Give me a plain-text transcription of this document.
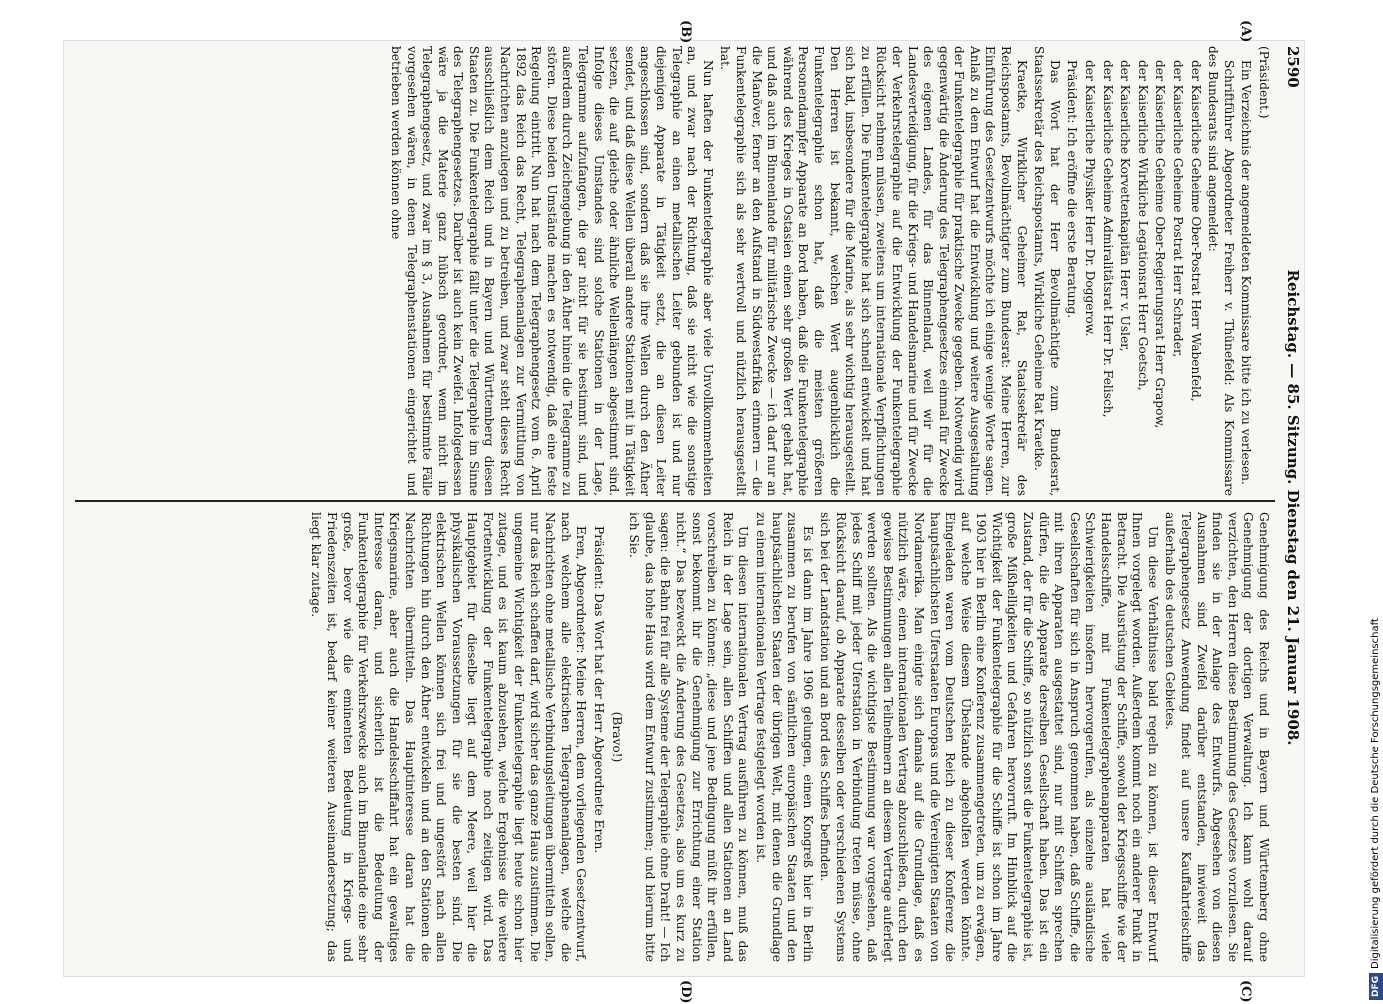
2590
Reichstag. — 85. Sitzung. Dienstag den 21. Januar 1908.
(A)
(B)
(C)
(D)

(Präsident.)

Ein Verzeichnis der angemeldeten Kommissare bitte ich zu verlesen.

Schriftführer Abgeordneter Freiherr v. Thünefeld: Als Kommissare des Bundesrats sind angemeldet:

der Kaiserliche Geheime Ober-Postrat Herr Wabenfeld,

der Kaiserliche Geheime Postrat Herr Schrader,

der Kaiserliche Geheime Ober-Regierungsrat Herr Grapow,

der Kaiserliche Wirkliche Legationsrat Herr Goetsch,

der Kaiserliche Korvettenkapitän Herr v. Usler,

der Kaiserliche Geheime Admiralitätsrat Herr Dr. Felisch,

der Kaiserliche Physiker Herr Dr. Doggerow.

Präsident: Ich eröffne die erste Beratung.

Das Wort hat der Herr Bevollmächtigte zum Bundesrat, Staatssekretär des Reichspostamts, Wirkliche Geheime Rat Kraetke.

Kraetke, Wirklicher Geheimer Rat, Staatssekretär des Reichspostamts, Bevollmächtigter zum Bundesrat: Meine Herren, zur Einführung des Gesetzentwurfs möchte ich einige wenige Worte sagen. Anlaß zu dem Entwurf hat die Entwicklung und weitere Ausgestaltung der Funkentelegraphie für praktische Zwecke gegeben. Notwendig wird gegenwärtig die Änderung des Telegraphengesetzes einmal für Zwecke des eigenen Landes, für das Binnenland, weil wir für die Landesverteidigung, für die Kriegs- und Handelsmarine und für Zwecke der Verkehrstelegraphie auf die Entwicklung der Funkentelegraphie Rücksicht nehmen müssen, zweitens um internationale Verpflichtungen zu erfüllen. Die Funkentelegraphie hat sich schnell entwickelt und hat sich bald, insbesondere für die Marine, als sehr wichtig herausgestellt. Den Herren ist bekannt, welchen Wert augenblicklich die Funkentelegraphie schon hat, daß die meisten größeren Personendampfer Apparate an Bord haben, daß die Funkentelegraphie während des Krieges in Ostasien einen sehr großen Wert gehabt hat, und daß auch im Binnenlande für militärische Zwecke — ich darf nur an die Manöver, ferner an den Aufstand in Südwestafrika erinnern — die Funkentelegraphie sich als sehr wertvoll und nützlich herausgestellt hat.

Nun haften der Funkentelegraphie aber viele Unvollkommenheiten an, und zwar nach der Richtung, daß sie nicht wie die sonstige Telegraphie an einen metallischen Leiter gebunden ist und nur diejenigen Apparate in Tätigkeit setzt, die an diesen Leiter angeschlossen sind, sondern daß sie ihre Wellen durch den Äther sendet, und daß diese Wellen überall andere Stationen mit in Tätigkeit setzen, die auf gleiche oder ähnliche Wellenlängen abgestimmt sind. Infolge dieses Umstandes sind solche Stationen in der Lage, Telegramme aufzufangen, die gar nicht für sie bestimmt sind, und außerdem durch Zeichengebung in den Äther hinein die Telegramme zu stören. Diese beiden Umstände machen es notwendig, daß eine feste Regelung eintritt. Nun hat nach dem Telegraphengesetz vom 6. April 1892 das Reich das Recht, Telegraphenanlagen zur Vermittlung von Nachrichten anzulegen und zu betreiben, und zwar steht dieses Recht ausschließlich dem Reich und in Bayern und Württemberg diesen Staaten zu. Die Funkentelegraphie fällt unter die Telegraphie im Sinne des Telegraphengesetzes. Darüber ist auch kein Zweifel. Infolgedessen wäre ja die Materie ganz hübsch geordnet, wenn nicht im Telegraphengesetz, und zwar im § 3, Ausnahmen für bestimmte Fälle vorgesehen wären, in denen Telegraphenstationen eingerichtet und betrieben werden können ohne

Genehmigung des Reichs und in Bayern und Württemberg ohne Genehmigung der dortigen Verwaltung. Ich kann wohl darauf verzichten, den Herren diese Bestimmung des Gesetzes vorzulesen. Sie finden sie in der Anlage des Entwurfs. Abgesehen von diesen Ausnahmen sind Zweifel darüber entstanden, inwieweit das Telegraphengesetz Anwendung findet auf unsere Kauffahrteischiffe außerhalb des deutschen Gebietes.

Um diese Verhältnisse bald regeln zu können, ist dieser Entwurf Ihnen vorgelegt worden. Außerdem kommt noch ein anderer Punkt in Betracht. Die Ausrüstung der Schiffe, sowohl der Kriegsschiffe wie der Handelsschiffe, mit Funkentelegraphenapparaten hat viele Schwierigkeiten insofern hervorgerufen, als einzelne ausländische Gesellschaften für sich in Anspruch genommen haben, daß Schiffe, die mit ihren Apparaten ausgestattet sind, nur mit Schiffen sprechen dürfen, die die Apparate derselben Gesellschaft haben. Das ist ein Zustand, der für die Schiffe, so nützlich sonst die Funkentelegraphie ist, große Mißhelligkeiten und Gefahren hervorruft. Im Hinblick auf die Wichtigkeit der Funkentelegraphie für die Schiffe ist schon im Jahre 1903 hier in Berlin eine Konferenz zusammengetreten, um zu erwägen, auf welche Weise diesem Übelstande abgeholfen werden könnte. Eingeladen waren vom Deutschen Reich zu dieser Konferenz die hauptsächlichsten Uferstaaten Europas und die Vereinigten Staaten von Nordamerika. Man einigte sich damals auf die Grundlage, daß es nützlich wäre, einen internationalen Vertrag abzuschließen, durch den gewisse Bestimmungen allen Teilnehmern an diesem Vertrage auferlegt werden sollten. Als die wichtigste Bestimmung war vorgesehen, daß jedes Schiff mit jeder Uferstation in Verbindung treten müsse, ohne Rücksicht darauf, ob Apparate desselben oder verschiedenen Systems sich bei der Landstation und an Bord des Schiffes befinden.

Es ist dann im Jahre 1906 gelungen, einen Kongreß hier in Berlin zusammen zu berufen von sämtlichen europäischen Staaten und den hauptsächlichsten Staaten der übrigen Welt, mit denen die Grundlage zu einem internationalen Vertrage festgelegt worden ist.

Um diesen internationalen Vertrag ausführen zu können, muß das Reich in der Lage sein, allen Schiffen und allen Stationen an Land vorschreiben zu können: „diese und jene Bedingung müßt ihr erfüllen, sonst bekommt ihr die Genehmigung zur Errichtung einer Station nicht.“ Das bezweckt die Änderung des Gesetzes, also um es kurz zu sagen: die Bahn frei für alle Systeme der Telegraphie ohne Draht! — Ich glaube, das hohe Haus wird dem Entwurf zustimmen; und hierum bitte ich Sie.

(Bravo!)

Präsident: Das Wort hat der Herr Abgeordnete Eren.

Eren, Abgeordneter: Meine Herren, dem vorliegenden Gesetzentwurf, nach welchem alle elektrischen Telegraphenanlagen, welche die Nachrichten ohne metallische Verbindungsleitungen übermitteln sollen, nur das Reich schaffen darf, wird sicher das ganze Haus zustimmen. Die ungemeine Wichtigkeit der Funkentelegraphie liegt heute schon hier zutage, und es ist kaum abzusehen, welche Ergebnisse die weitere Fortentwicklung der Funkentelegraphie noch zeitigen wird. Das Hauptgebiet für dieselbe liegt auf dem Meere, weil hier die physikalischen Voraussetzungen für sie die besten sind. Die elektrischen Wellen können sich frei und ungestört nach allen Richtungen hin durch den Äther entwickeln und an den Stationen die Nachrichten übermitteln. Das Hauptinteresse daran hat die Kriegsmarine, aber auch die Handelsschiffahrt hat ein gewaltiges Interesse daran, und sicherlich ist die Bedeutung der Funkentelegraphie für Verkehrszwecke auch im Binnenlande eine sehr große, bevor wie die eminenten Bedeutung in Kriegs- und Friedenszeiten ist, bedarf keiner weiteren Auseinandersetzung; das liegt klar zutage.

DFGDigitalisierung gefördert durch die Deutsche Forschungsgemeinschaft
